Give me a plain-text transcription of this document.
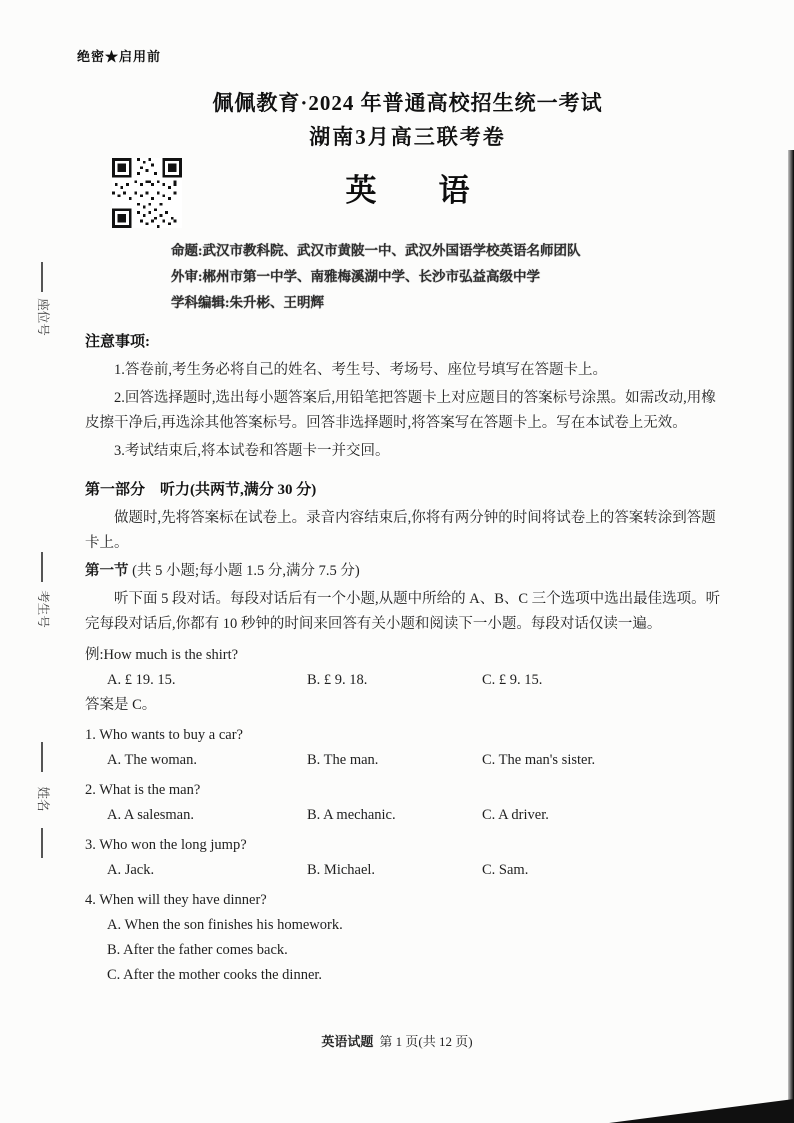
座位号
考生号
姓名
绝密★启用前
佩佩教育·2024 年普通高校招生统一考试
湖南3月高三联考卷
英　　语
命题:武汉市教科院、武汉市黄陂一中、武汉外国语学校英语名师团队
外审:郴州市第一中学、南雅梅溪湖中学、长沙市弘益高级中学
学科编辑:朱升彬、王明辉
注意事项:
1.答卷前,考生务必将自己的姓名、考生号、考场号、座位号填写在答题卡上。
2.回答选择题时,选出每小题答案后,用铅笔把答题卡上对应题目的答案标号涂黑。如需改动,用橡皮擦干净后,再选涂其他答案标号。回答非选择题时,将答案写在答题卡上。写在本试卷上无效。
3.考试结束后,将本试卷和答题卡一并交回。
第一部分　听力(共两节,满分 30 分)
做题时,先将答案标在试卷上。录音内容结束后,你将有两分钟的时间将试卷上的答案转涂到答题卡上。
第一节 (共 5 小题;每小题 1.5 分,满分 7.5 分)
听下面 5 段对话。每段对话后有一个小题,从题中所给的 A、B、C 三个选项中选出最佳选项。听完每段对话后,你都有 10 秒钟的时间来回答有关小题和阅读下一小题。每段对话仅读一遍。
例:How much is the shirt?
A. £ 19. 15.	B. £ 9. 18.	C. £ 9. 15.
答案是 C。
1. Who wants to buy a car?
A. The woman.	B. The man.	C. The man's sister.
2. What is the man?
A. A salesman.	B. A mechanic.	C. A driver.
3. Who won the long jump?
A. Jack.	B. Michael.	C. Sam.
4. When will they have dinner?
A. When the son finishes his homework.
B. After the father comes back.
C. After the mother cooks the dinner.
英语试题 第 1 页(共 12 页)
